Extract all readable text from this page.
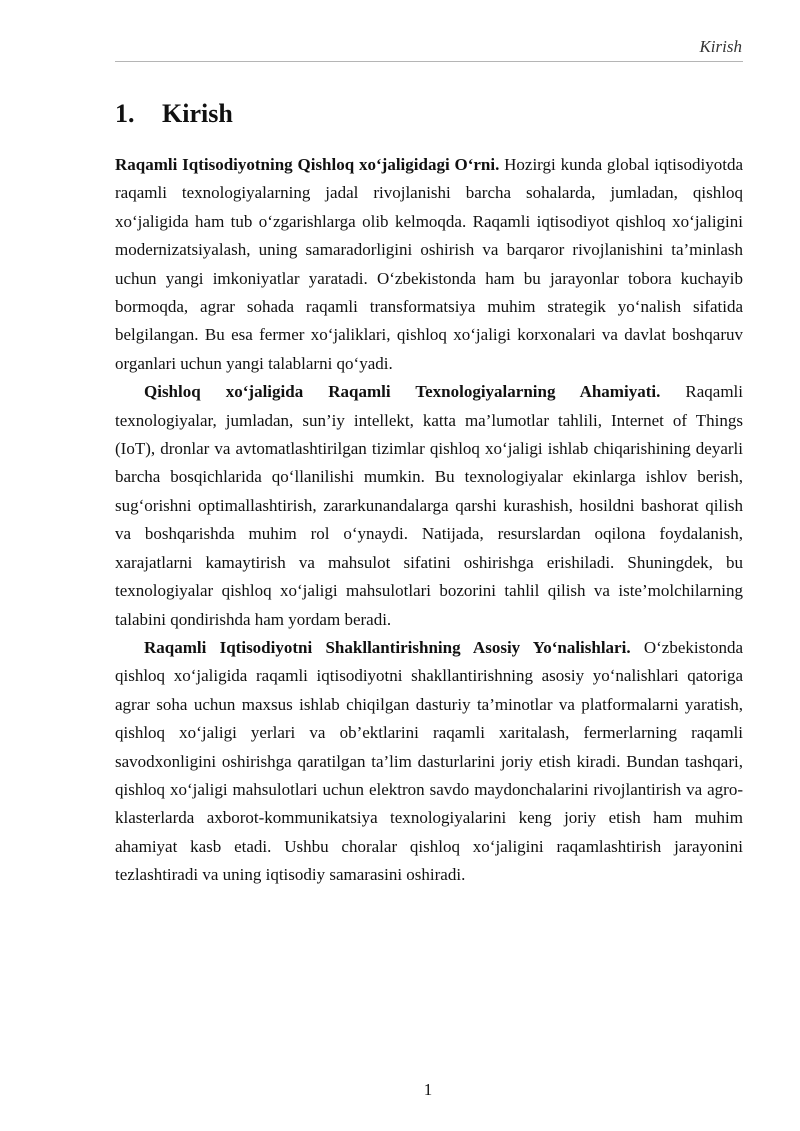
Kirish
1. Kirish

Raqamli Iqtisodiyotning Qishloq xo‘jaligidagi O‘rni. Hozirgi kunda global iqtisodiyotda raqamli texnologiyalarning jadal rivojlanishi barcha sohalarda, jumladan, qishloq xo‘jaligida ham tub o‘zgarishlarga olib kelmoqda. Raqamli iqtisodiyot qishloq xo‘jaligini modernizatsiyalash, uning samaradorligini oshirish va barqaror rivojlanishini ta’minlash uchun yangi imkoniyatlar yaratadi. O‘zbekistonda ham bu jarayonlar tobora kuchayib bormoqda, agrar sohada raqamli transformatsiya muhim strategik yo‘nalish sifatida belgilangan. Bu esa fermer xo‘jaliklari, qishloq xo‘jaligi korxonalari va davlat boshqaruv organlari uchun yangi talablarni qo‘yadi.

Qishloq xo‘jaligida Raqamli Texnologiyalarning Ahamiyati. Raqamli texnologiyalar, jumladan, sun’iy intellekt, katta ma’lumotlar tahlili, Internet of Things (IoT), dronlar va avtomatlashtirilgan tizimlar qishloq xo‘jaligi ishlab chiqarishining deyarli barcha bosqichlarida qo‘llanilishi mumkin. Bu texnologiyalar ekinlarga ishlov berish, sug‘orishni optimallashtirish, zararkunandalarga qarshi kurashish, hosildni bashorat qilish va boshqarishda muhim rol o‘ynaydi. Natijada, resurslardan oqilona foydalanish, xarajatlarni kamaytirish va mahsulot sifatini oshirishga erishiladi. Shuningdek, bu texnologiyalar qishloq xo‘jaligi mahsulotlari bozorini tahlil qilish va iste’molchilarning talabini qondirishda ham yordam beradi.

Raqamli Iqtisodiyotni Shakllantirishning Asosiy Yo‘nalishlari. O‘zbekistonda qishloq xo‘jaligida raqamli iqtisodiyotni shakllantirishning asosiy yo‘nalishlari qatoriga agrar soha uchun maxsus ishlab chiqilgan dasturiy ta’minotlar va platformalarni yaratish, qishloq xo‘jaligi yerlari va ob’ektlarini raqamli xaritalash, fermerlarning raqamli savodxonligini oshirishga qaratilgan ta’lim dasturlarini joriy etish kiradi. Bundan tashqari, qishloq xo‘jaligi mahsulotlari uchun elektron savdo maydonchalarini rivojlantirish va agro-klasterlarda axborot-kommunikatsiya texnologiyalarini keng joriy etish ham muhim ahamiyat kasb etadi. Ushbu choralar qishloq xo‘jaligini raqamlashtirish jarayonini tezlashtiradi va uning iqtisodiy samarasini oshiradi.

1
